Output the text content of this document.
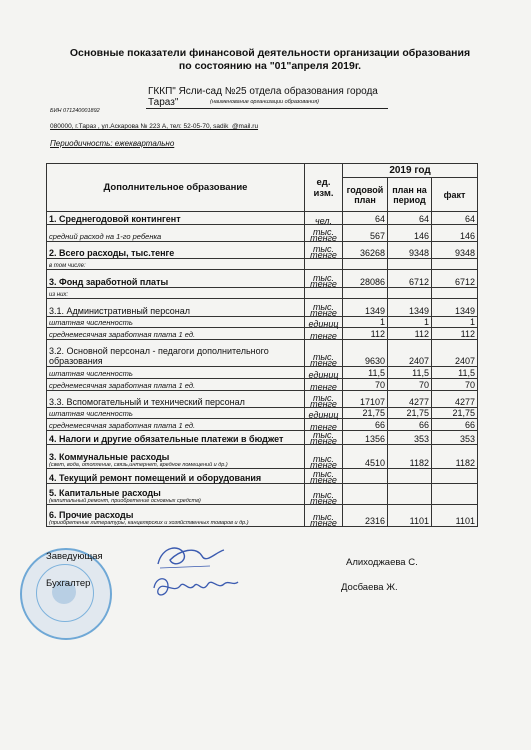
Основные показатели финансовой деятельности организации образования
по состоянию на "01"апреля 2019г.
ГККП" Ясли-сад №25 отдела образования города Тараз"	(наименование организации образования)
БИН 071240001892
080000, г.Тараз , ул.Аскарова № 223 А, тел: 52-05-70, sadik_@mail.ru
Периодичность: ежеквартально
Дополнительное образование	ед. изм.	2019 год		
		годовой план	план на период	факт
1. Среднегодовой контингент	чел.	64	64	64
средний расход на 1-го ребенка	тыс. тенге	567	146	146
2. Всего расходы, тыс.тенге	тыс. тенге	36268	9348	9348
в том числе:				
3. Фонд заработной платы	тыс. тенге	28086	6712	6712
из них:				
3.1. Административный персонал	тыс. тенге	1349	1349	1349
штатная численность	единиц	1	1	1
среднемесячная заработная плата 1 ед.	тенге	112	112	112
3.2. Основной персонал - педагоги дополнительного образования	тыс. тенге	9630	2407	2407
штатная численность	единиц	11,5	11,5	11,5
среднемесячная заработная плата 1 ед.	тенге	70	70	70
3.3. Вспомогательный и технический персонал	тыс. тенге	17107	4277	4277
штатная численность	единиц	21,75	21,75	21,75
среднемесячная заработная плата 1 ед.	тенге	66	66	66
4. Налоги и другие обязательные платежи в бюджет	тыс. тенге	1356	353	353
3. Коммунальные расходы
(свет, вода, отопление, связь,интернет, вредное помещений и др.)	тыс. тенге	4510	1182	1182
4. Текущий ремонт помещений и оборудования	тыс. тенге			
5. Капитальные расходы
(капитальный ремонт, приобретение основных средств)	тыс. тенге			
6. Прочие расходы
(приобретение литературы, канцелярских и хозяйственных товаров и др.)	тыс. тенге	2316	1101	1101
Заведующая
Алиходжаева С.
Бухгалтер	Досбаева Ж.
